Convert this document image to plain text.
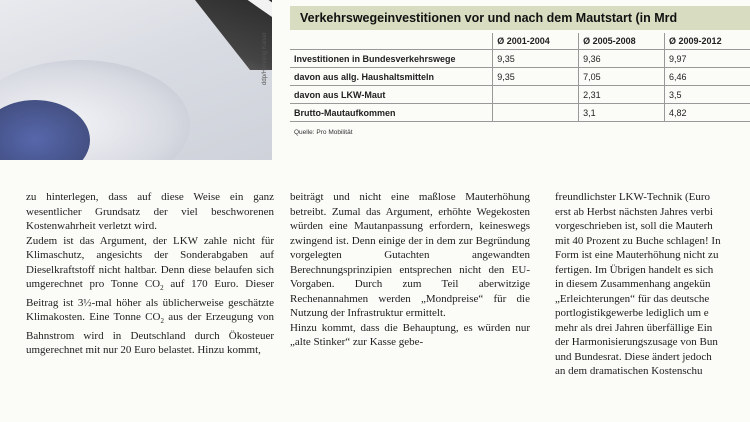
ddp/Henning Kaiser
Verkehrswegeinvestitionen vor und nach dem Mautstart (in Mrd
	Ø 2001-2004	Ø 2005-2008	Ø 2009-2012
Investitionen in Bundesverkehrswege	9,35	9,36	9,97
davon aus allg. Haushaltsmitteln	9,35	7,05	6,46
davon aus LKW-Maut		2,31	3,5
Brutto-Mautaufkommen		3,1	4,82
Quelle: Pro Mobilität

zu hinterlegen, dass auf diese Weise ein ganz wesentlicher Grundsatz der viel beschworenen Kostenwahrheit verletzt wird.

Zudem ist das Argument, der LKW zahle nicht für Klimaschutz, angesichts der Sonderabgaben auf Dieselkraftstoff nicht haltbar. Denn diese belaufen sich umgerechnet pro Tonne $CO_2$ auf 170 Euro. Dieser Beitrag ist 3½-mal höher als üblicherweise geschätzte Klimakosten. Eine Tonne $CO_2$ aus der Erzeugung von Bahnstrom wird in Deutschland durch Ökosteuer umgerechnet mit nur 20 Euro belastet. Hinzu kommt,

beiträgt und nicht eine maßlose Mauterhöhung betreibt. Zumal das Argument, erhöhte Wegekosten würden eine Mautanpassung erfordern, keineswegs zwingend ist. Denn einige der in dem zur Begründung vorgelegten Gutachten angewandten Berechnungsprinzipien entsprechen nicht den EU-Vorgaben. Durch zum Teil aberwitzige Rechenannahmen werden „Mondpreise“ für die Nutzung der Infrastruktur ermittelt.

Hinzu kommt, dass die Behauptung, es würden nur „alte Stinker“ zur Kasse gebe-

freundlichster LKW-Technik (Euro
erst ab Herbst nächsten Jahres verbi
vorgeschrieben ist, soll die Mauterh
mit 40 Prozent zu Buche schlagen! In
Form ist eine Mauterhöhung nicht zu
fertigen. Im Übrigen handelt es sich
in diesem Zusammenhang angekün
„Erleichterungen“ für das deutsche
portlogistikgewerbe lediglich um e
mehr als drei Jahren überfällige Ein
der Harmonisierungszusage von Bun
und Bundesrat. Diese ändert jedoch
an dem dramatischen Kostenschu
